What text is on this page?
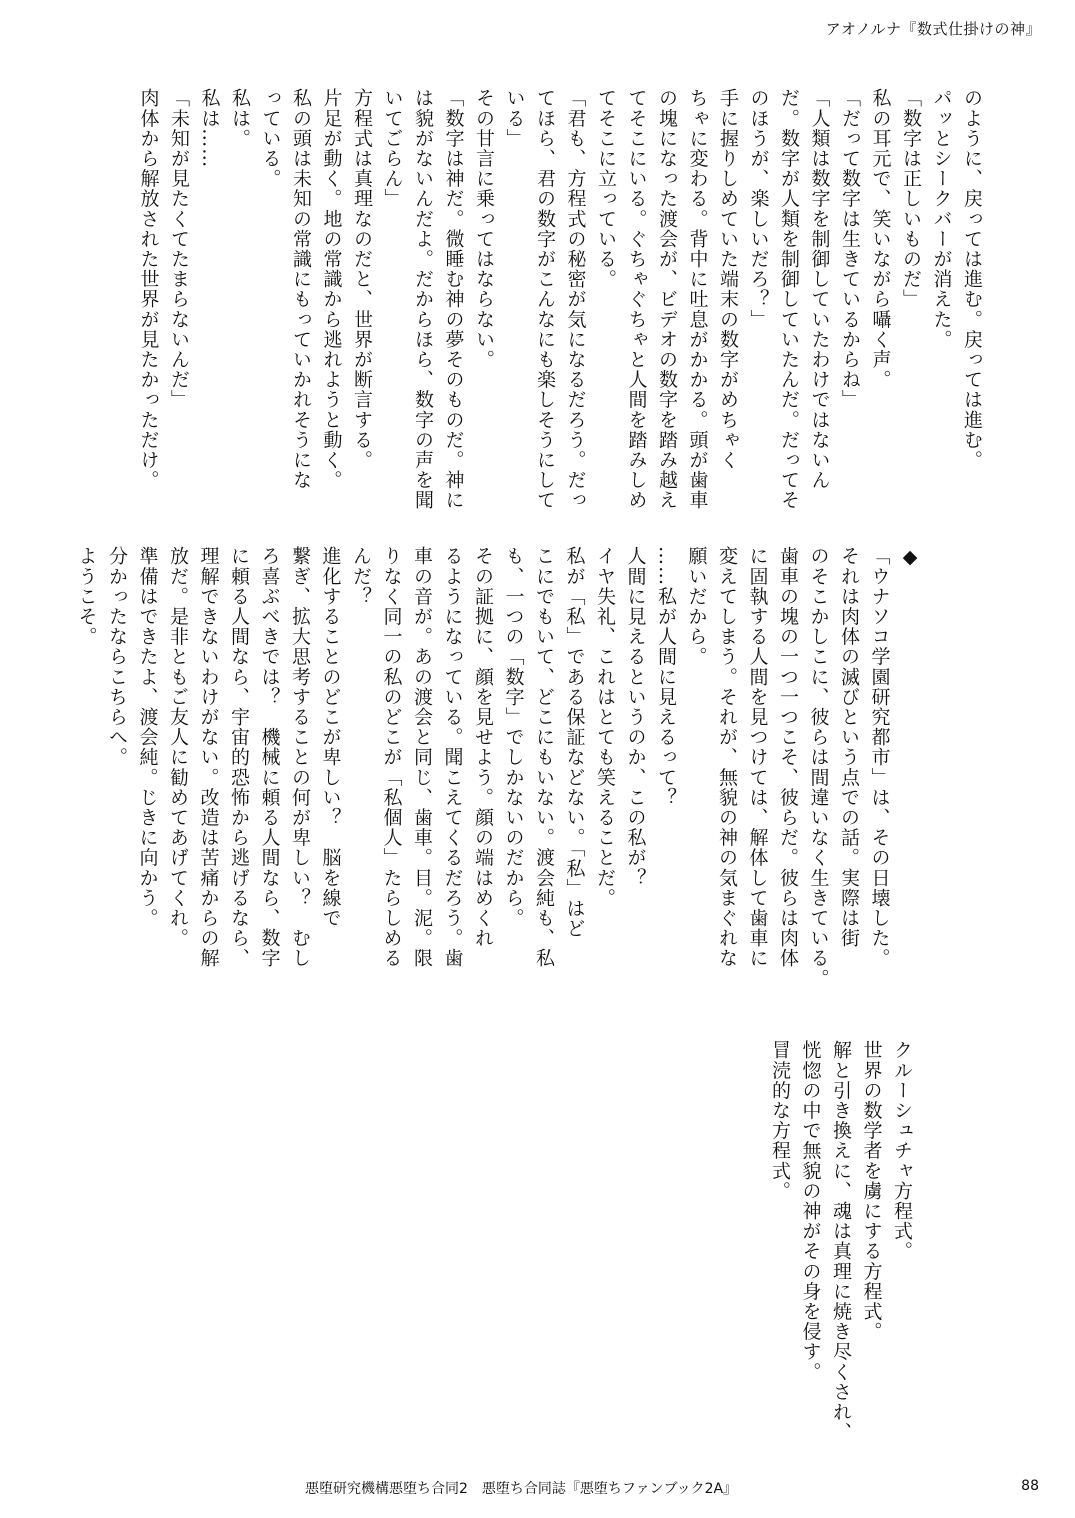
アオノルナ『数式仕掛けの神』

のように、戻っては進む。戻っては進む。

パッとシークバーが消えた。

「数字は正しいものだ」

私の耳元で、笑いながら囁く声。

「だって数字は生きているからね」

「人類は数字を制御していたわけではないん

だ。数字が人類を制御していたんだ。だってそ

のほうが、楽しいだろ？」

手に握りしめていた端末の数字がめちゃく

ちゃに変わる。背中に吐息がかかる。頭が歯車

の塊になった渡会が、ビデオの数字を踏み越え

てそこにいる。ぐちゃぐちゃと人間を踏みしめ

てそこに立っている。

「君も、方程式の秘密が気になるだろう。だっ

てほら、君の数字がこんなにも楽しそうにして

いる」

その甘言に乗ってはならない。

「数字は神だ。微睡む神の夢そのものだ。神に

は貌がないんだよ。だからほら、数字の声を聞

いてごらん」

方程式は真理なのだと、世界が断言する。

片足が動く。地の常識から逃れようと動く。

私の頭は未知の常識にもっていかれそうにな

っている。

私は。

私は……

「未知が見たくてたまらないんだ」

肉体から解放された世界が見たかっただけ。

◆

「ウナソコ学園研究都市」は、その日壊した。

それは肉体の滅びという点での話。実際は街

のそこかしこに、彼らは間違いなく生きている。

歯車の塊の一つ一つこそ、彼らだ。彼らは肉体

に固執する人間を見つけては、解体して歯車に

変えてしまう。それが、無貌の神の気まぐれな

願いだから。

……私が人間に見えるって？

人間に見えるというのか、この私が？

イヤ失礼、これはとても笑えることだ。

私が「私」である保証などない。「私」はど

こにでもいて、どこにもいない。渡会純も、私

も、一つの「数字」でしかないのだから。

その証拠に、顔を見せよう。顔の端はめくれ

るようになっている。聞こえてくるだろう。歯

車の音が。あの渡会と同じ、歯車。目。泥。限

りなく同一の私のどこが「私個人」たらしめる

んだ？

進化することのどこが卑しい？　脳を線で

繋ぎ、拡大思考することの何が卑しい？　むし

ろ喜ぶべきでは？　機械に頼る人間なら、数字

に頼る人間なら、宇宙的恐怖から逃げるなら、

理解できないわけがない。改造は苦痛からの解

放だ。是非ともご友人に勧めてあげてくれ。

準備はできたよ、渡会純。じきに向かう。

分かったならこちらへ。

ようこそ。

クルーシュチャ方程式。

世界の数学者を虜にする方程式。

解と引き換えに、魂は真理に焼き尽くされ、

恍惚の中で無貌の神がその身を侵す。

冒涜的な方程式。

悪堕研究機構悪堕ち合同2　悪堕ち合同誌『悪堕ちファンブック2A』	88
